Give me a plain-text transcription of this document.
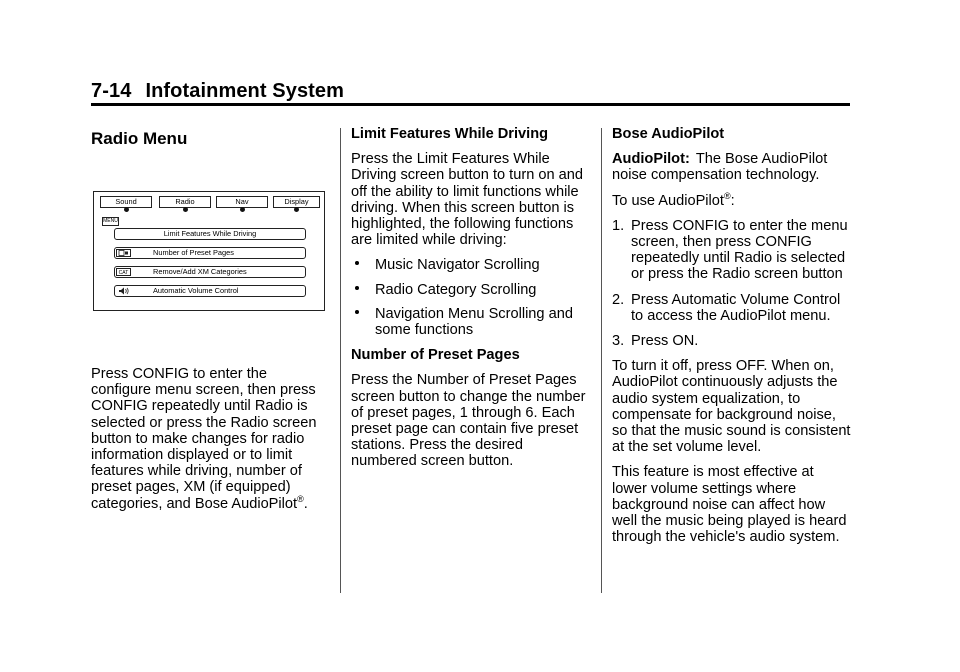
7-14 Infotainment System
Radio Menu
Sound	Radio	Nav	Display
MENU
Limit Features While Driving
Number of Preset Pages
CAT	Remove/Add XM Categories
Automatic Volume Control

Press CONFIG to enter the configure menu screen, then press CONFIG repeatedly until Radio is selected or press the Radio screen button to make changes for radio information displayed or to limit features while driving, number of preset pages, XM (if equipped) categories, and Bose AudioPilot®.

Limit Features While Driving

Press the Limit Features While Driving screen button to turn on and off the ability to limit functions while driving. When this screen button is highlighted, the following functions are limited while driving:

Music Navigator Scrolling
Radio Category Scrolling
Navigation Menu Scrolling and some functions
Number of Preset Pages

Press the Number of Preset Pages screen button to change the number of preset pages, 1 through 6. Each preset page can contain five preset stations. Press the desired numbered screen button.

Bose AudioPilot

AudioPilot: The Bose AudioPilot noise compensation technology.

To use AudioPilot®:

1. Press CONFIG to enter the menu screen, then press CONFIG repeatedly until Radio is selected or press the Radio screen button
2. Press Automatic Volume Control to access the AudioPilot menu.
3. Press ON.

To turn it off, press OFF. When on, AudioPilot continuously adjusts the audio system equalization, to compensate for background noise, so that the music sound is consistent at the set volume level.

This feature is most effective at lower volume settings where background noise can affect how well the music being played is heard through the vehicle's audio system.
